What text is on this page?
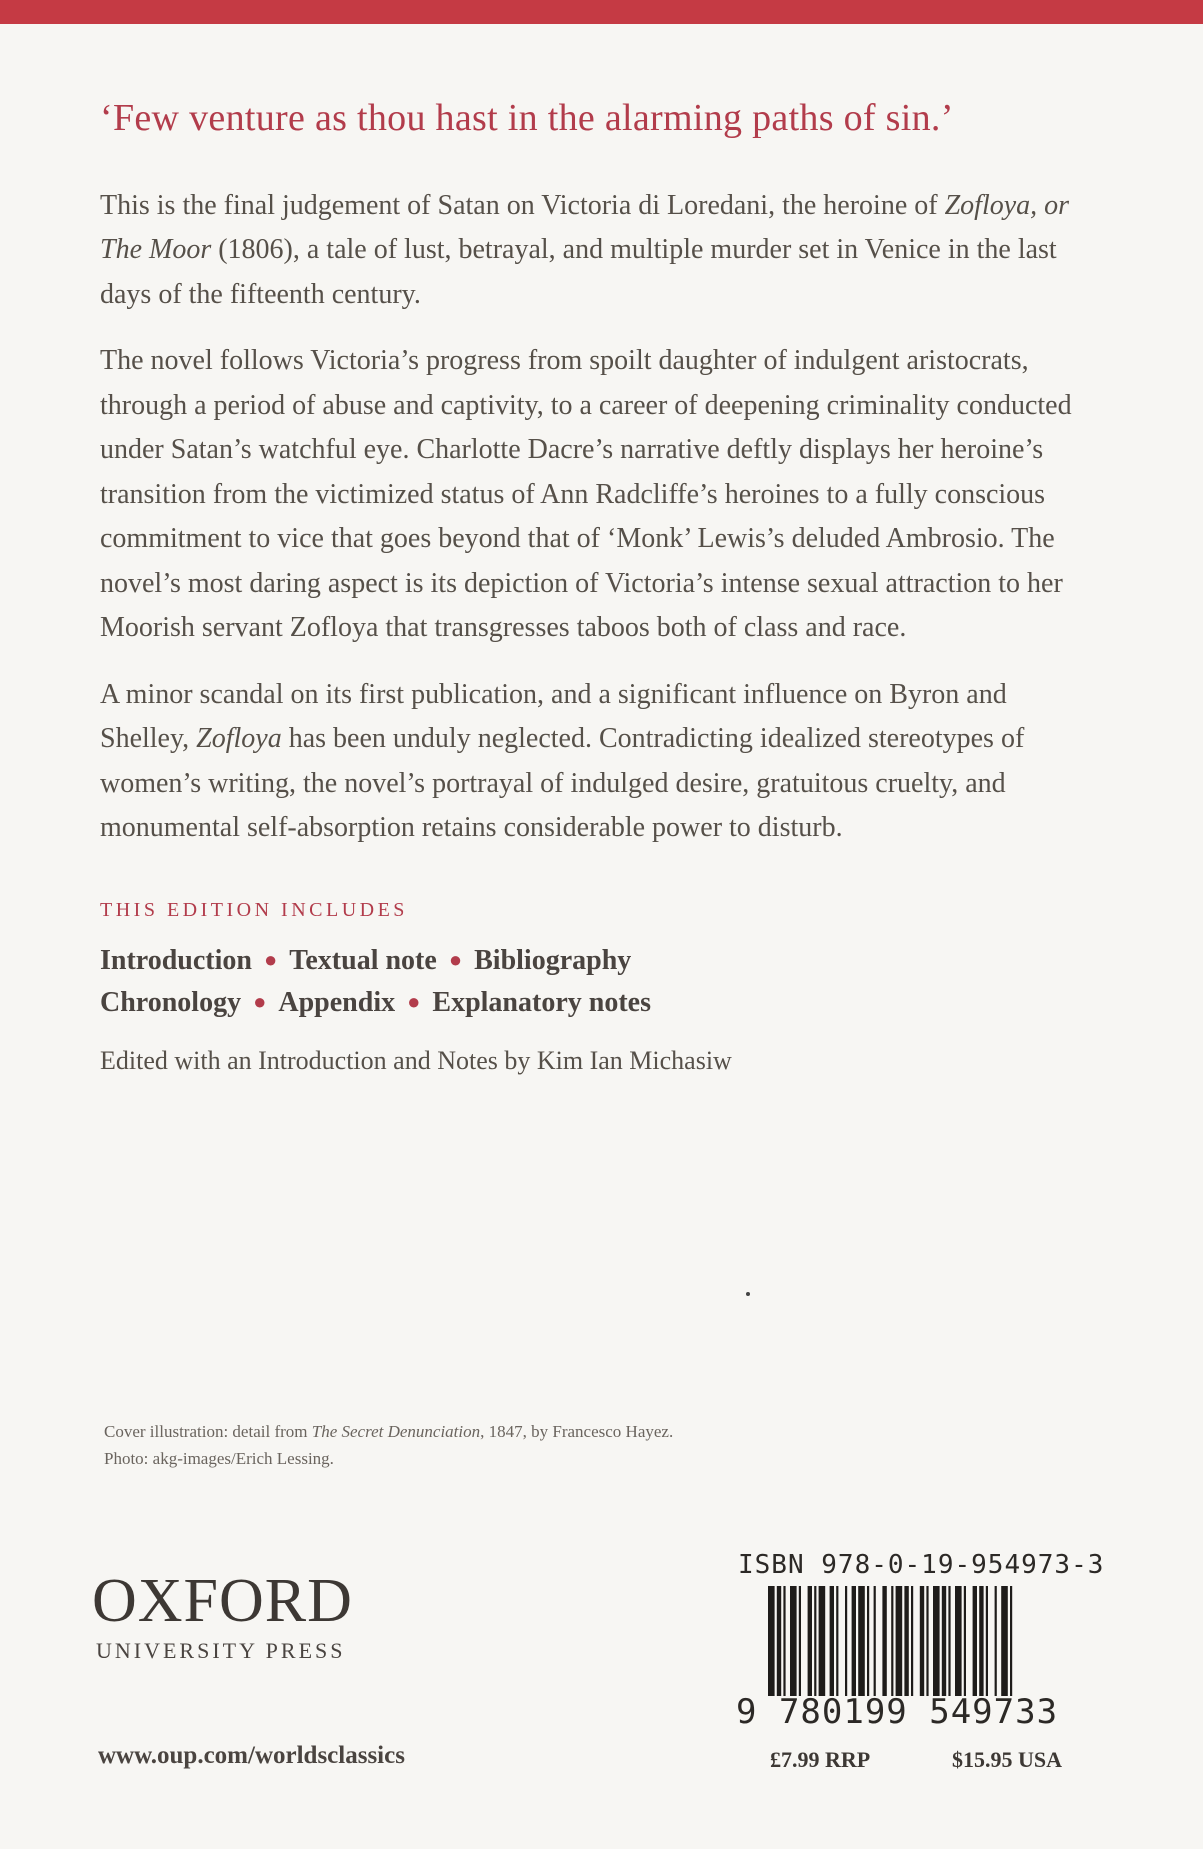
‘Few venture as thou hast in the alarming paths of sin.’

This is the final judgement of Satan on Victoria di Loredani, the heroine of Zofloya, or The Moor (1806), a tale of lust, betrayal, and multiple murder set in Venice in the last days of the fifteenth century.

The novel follows Victoria’s progress from spoilt daughter of indulgent aristocrats, through a period of abuse and captivity, to a career of deepening criminality conducted under Satan’s watchful eye. Charlotte Dacre’s narrative deftly displays her heroine’s transition from the victimized status of Ann Radcliffe’s heroines to a fully conscious commitment to vice that goes beyond that of ‘Monk’ Lewis’s deluded Ambrosio. The novel’s most daring aspect is its depiction of Victoria’s intense sexual attraction to her Moorish servant Zofloya that transgresses taboos both of class and race.

A minor scandal on its first publication, and a significant influence on Byron and Shelley, Zofloya has been unduly neglected. Contradicting idealized stereotypes of women’s writing, the novel’s portrayal of indulged desire, gratuitous cruelty, and monumental self-absorption retains considerable power to disturb.

THIS EDITION INCLUDES
Introduction ● Textual note ● Bibliography
Chronology ● Appendix ● Explanatory notes
Edited with an Introduction and Notes by Kim Ian Michasiw
Cover illustration: detail from The Secret Denunciation, 1847, by Francesco Hayez.
Photo: akg-images/Erich Lessing.
OXFORD
UNIVERSITY PRESS
www.oup.com/worldsclassics
ISBN 978-0-19-954973-3
9 780199 549733
£7.99 RRP	$15.95 USA
